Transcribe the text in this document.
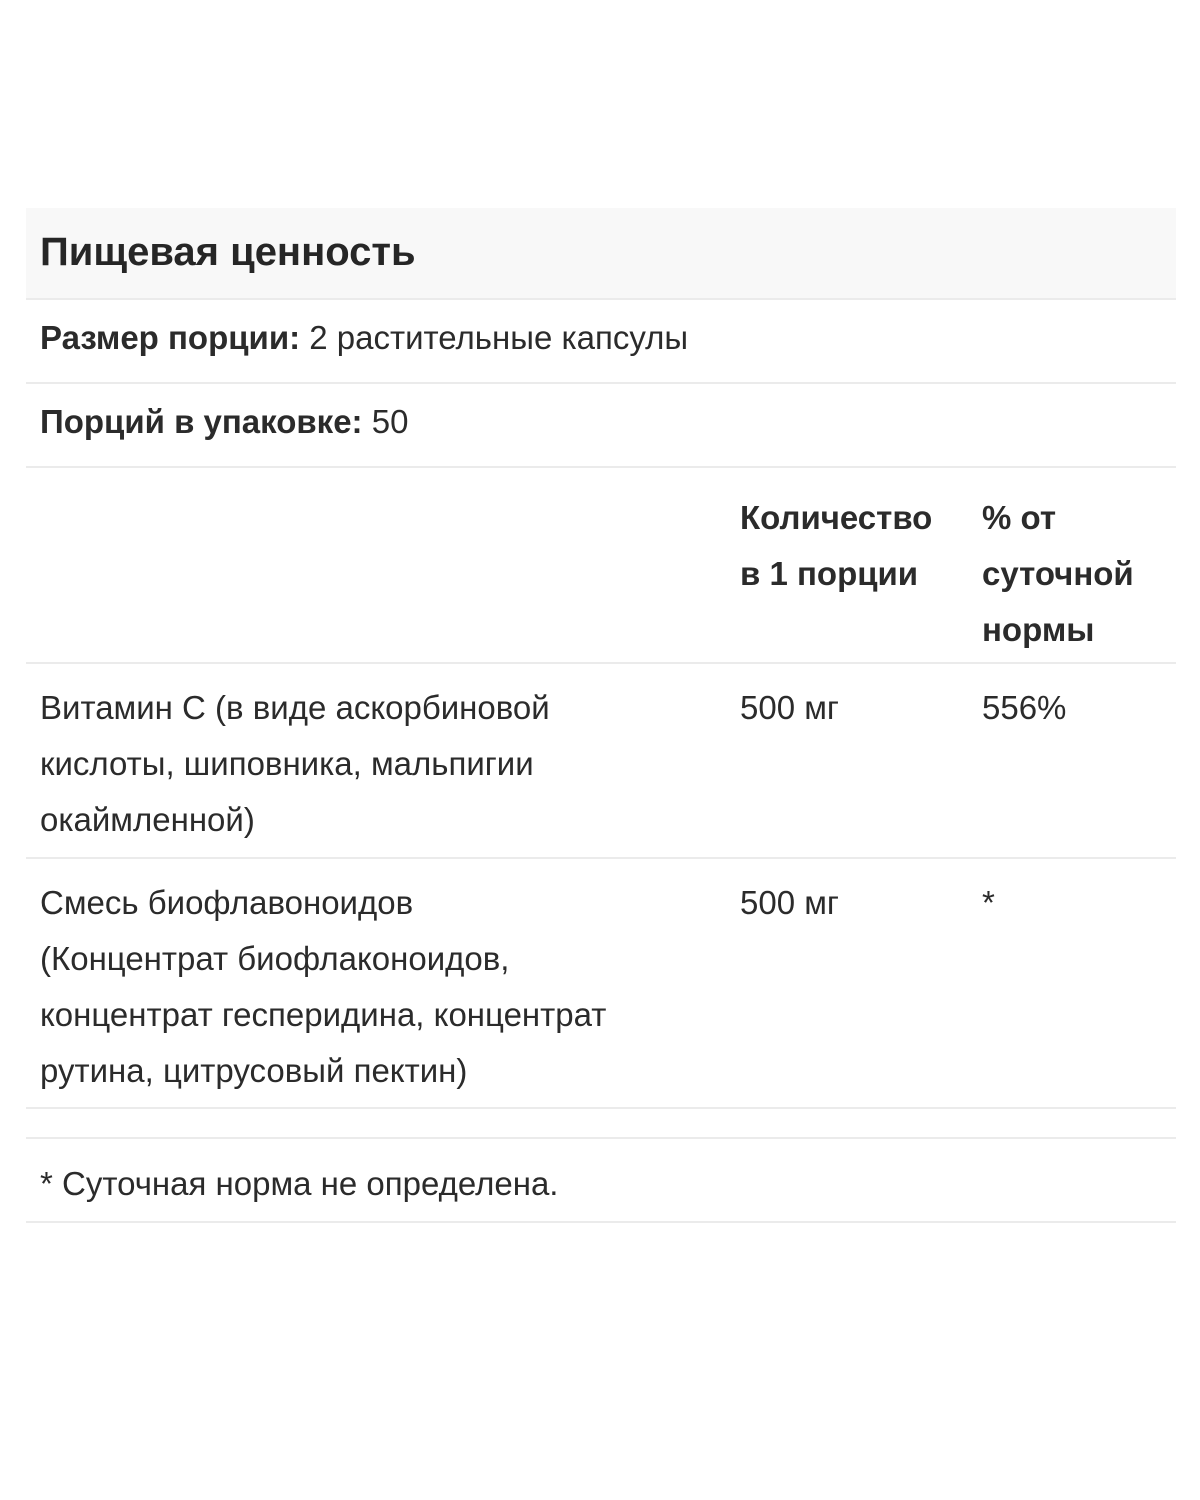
Пищевая ценность
Размер порции: 2 растительные капсулы
Порций в упаковке: 50
Количество
в 1 порции
% от
суточной
нормы
Витамин C (в виде аскорбиновой
кислоты, шиповника, мальпигии
окаймленной)
500 мг	556%
Смесь биофлавоноидов
(Концентрат биофлаконоидов,
концентрат гесперидина, концентрат
рутина, цитрусовый пектин)
500 мг	*
* Суточная норма не определена.
